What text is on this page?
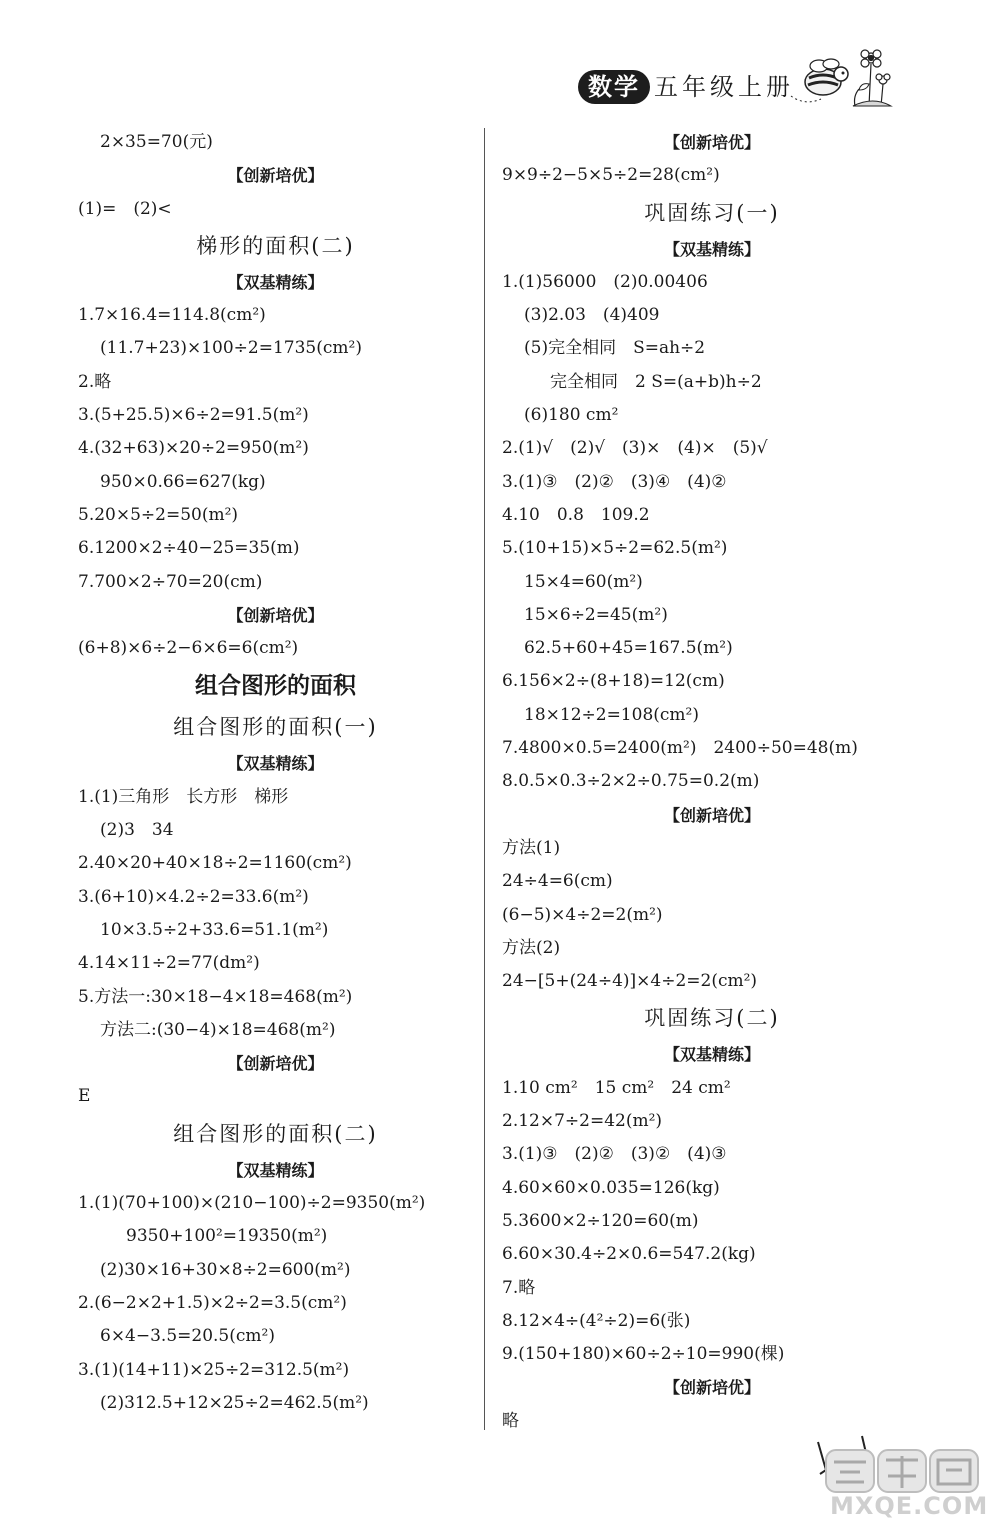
数学 五年级上册
2×35=70(元)
【创新培优】
(1)=　(2)<
梯形的面积(二)
【双基精练】
1.7×16.4=114.8(cm²)
(11.7+23)×100÷2=1735(cm²)
2.略
3.(5+25.5)×6÷2=91.5(m²)
4.(32+63)×20÷2=950(m²)
950×0.66=627(kg)
5.20×5÷2=50(m²)
6.1200×2÷40−25=35(m)
7.700×2÷70=20(cm)
【创新培优】
(6+8)×6÷2−6×6=6(cm²)
组合图形的面积
组合图形的面积(一)
【双基精练】
1.(1)三角形　长方形　梯形
(2)3　34
2.40×20+40×18÷2=1160(cm²)
3.(6+10)×4.2÷2=33.6(m²)
10×3.5÷2+33.6=51.1(m²)
4.14×11÷2=77(dm²)
5.方法一:30×18−4×18=468(m²)
方法二:(30−4)×18=468(m²)
【创新培优】
E
组合图形的面积(二)
【双基精练】
1.(1)(70+100)×(210−100)÷2=9350(m²)
9350+100²=19350(m²)
(2)30×16+30×8÷2=600(m²)
2.(6−2×2+1.5)×2÷2=3.5(cm²)
6×4−3.5=20.5(cm²)
3.(1)(14+11)×25÷2=312.5(m²)
(2)312.5+12×25÷2=462.5(m²)
【创新培优】
9×9÷2−5×5÷2=28(cm²)
巩固练习(一)
【双基精练】
1.(1)56000　(2)0.00406
(3)2.03　(4)409
(5)完全相同　S=ah÷2
完全相同　2 S=(a+b)h÷2
(6)180 cm²
2.(1)√　(2)√　(3)×　(4)×　(5)√
3.(1)③　(2)②　(3)④　(4)②
4.10　0.8　109.2
5.(10+15)×5÷2=62.5(m²)
15×4=60(m²)
15×6÷2=45(m²)
62.5+60+45=167.5(m²)
6.156×2÷(8+18)=12(cm)
18×12÷2=108(cm²)
7.4800×0.5=2400(m²)　2400÷50=48(m)
8.0.5×0.3÷2×2÷0.75=0.2(m)
【创新培优】
方法(1)
24÷4=6(cm)
(6−5)×4÷2=2(m²)
方法(2)
24−[5+(24÷4)]×4÷2=2(cm²)
巩固练习(二)
【双基精练】
1.10 cm²　15 cm²　24 cm²
2.12×7÷2=42(m²)
3.(1)③　(2)②　(3)②　(4)③
4.60×60×0.035=126(kg)
5.3600×2÷120=60(m)
6.60×30.4÷2×0.6=547.2(kg)
7.略
8.12×4÷(4²÷2)=6(张)
9.(150+180)×60÷2÷10=990(棵)
【创新培优】
略
MXQE.COM
